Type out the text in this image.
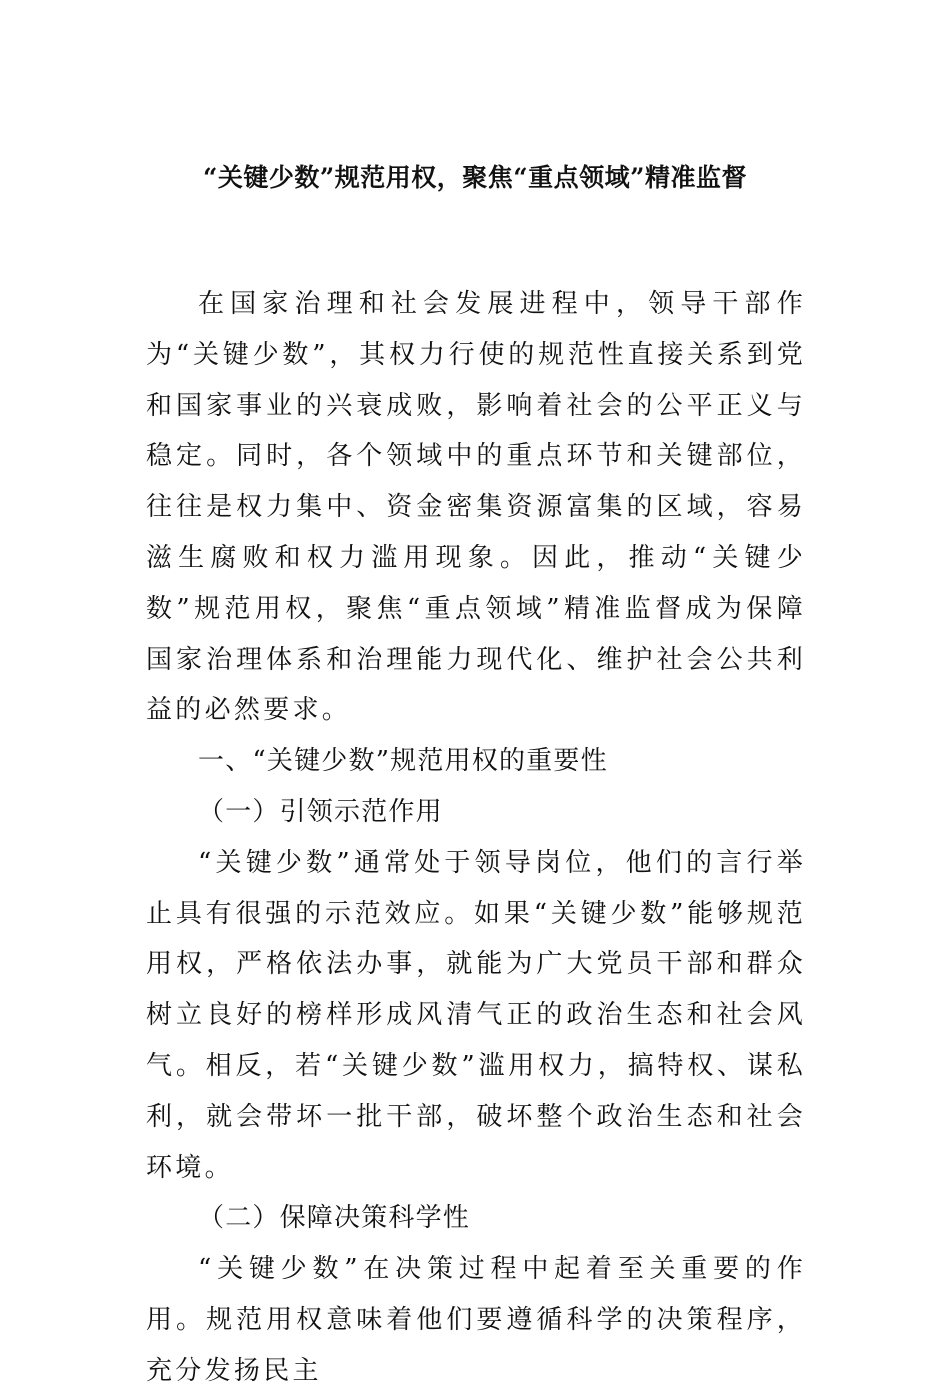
“关键少数”规范用权，聚焦“重点领域”精准监督

在国家治理和社会发展进程中，领导干部作为“关键少数”，其权力行使的规范性直接关系到党和国家事业的兴衰成败，影响着社会的公平正义与稳定。同时，各个领域中的重点环节和关键部位，往往是权力集中、资金密集资源富集的区域，容易滋生腐败和权力滥用现象。因此，推动“关键少数”规范用权，聚焦“重点领域”精准监督成为保障国家治理体系和治理能力现代化、维护社会公共利益的必然要求。

一、“关键少数”规范用权的重要性

（一）引领示范作用

“关键少数”通常处于领导岗位，他们的言行举止具有很强的示范效应。如果“关键少数”能够规范用权，严格依法办事，就能为广大党员干部和群众树立良好的榜样形成风清气正的政治生态和社会风气。相反，若“关键少数”滥用权力，搞特权、谋私利，就会带坏一批干部，破坏整个政治生态和社会环境。

（二）保障决策科学性

“关键少数”在决策过程中起着至关重要的作用。规范用权意味着他们要遵循科学的决策程序，充分发扬民主
